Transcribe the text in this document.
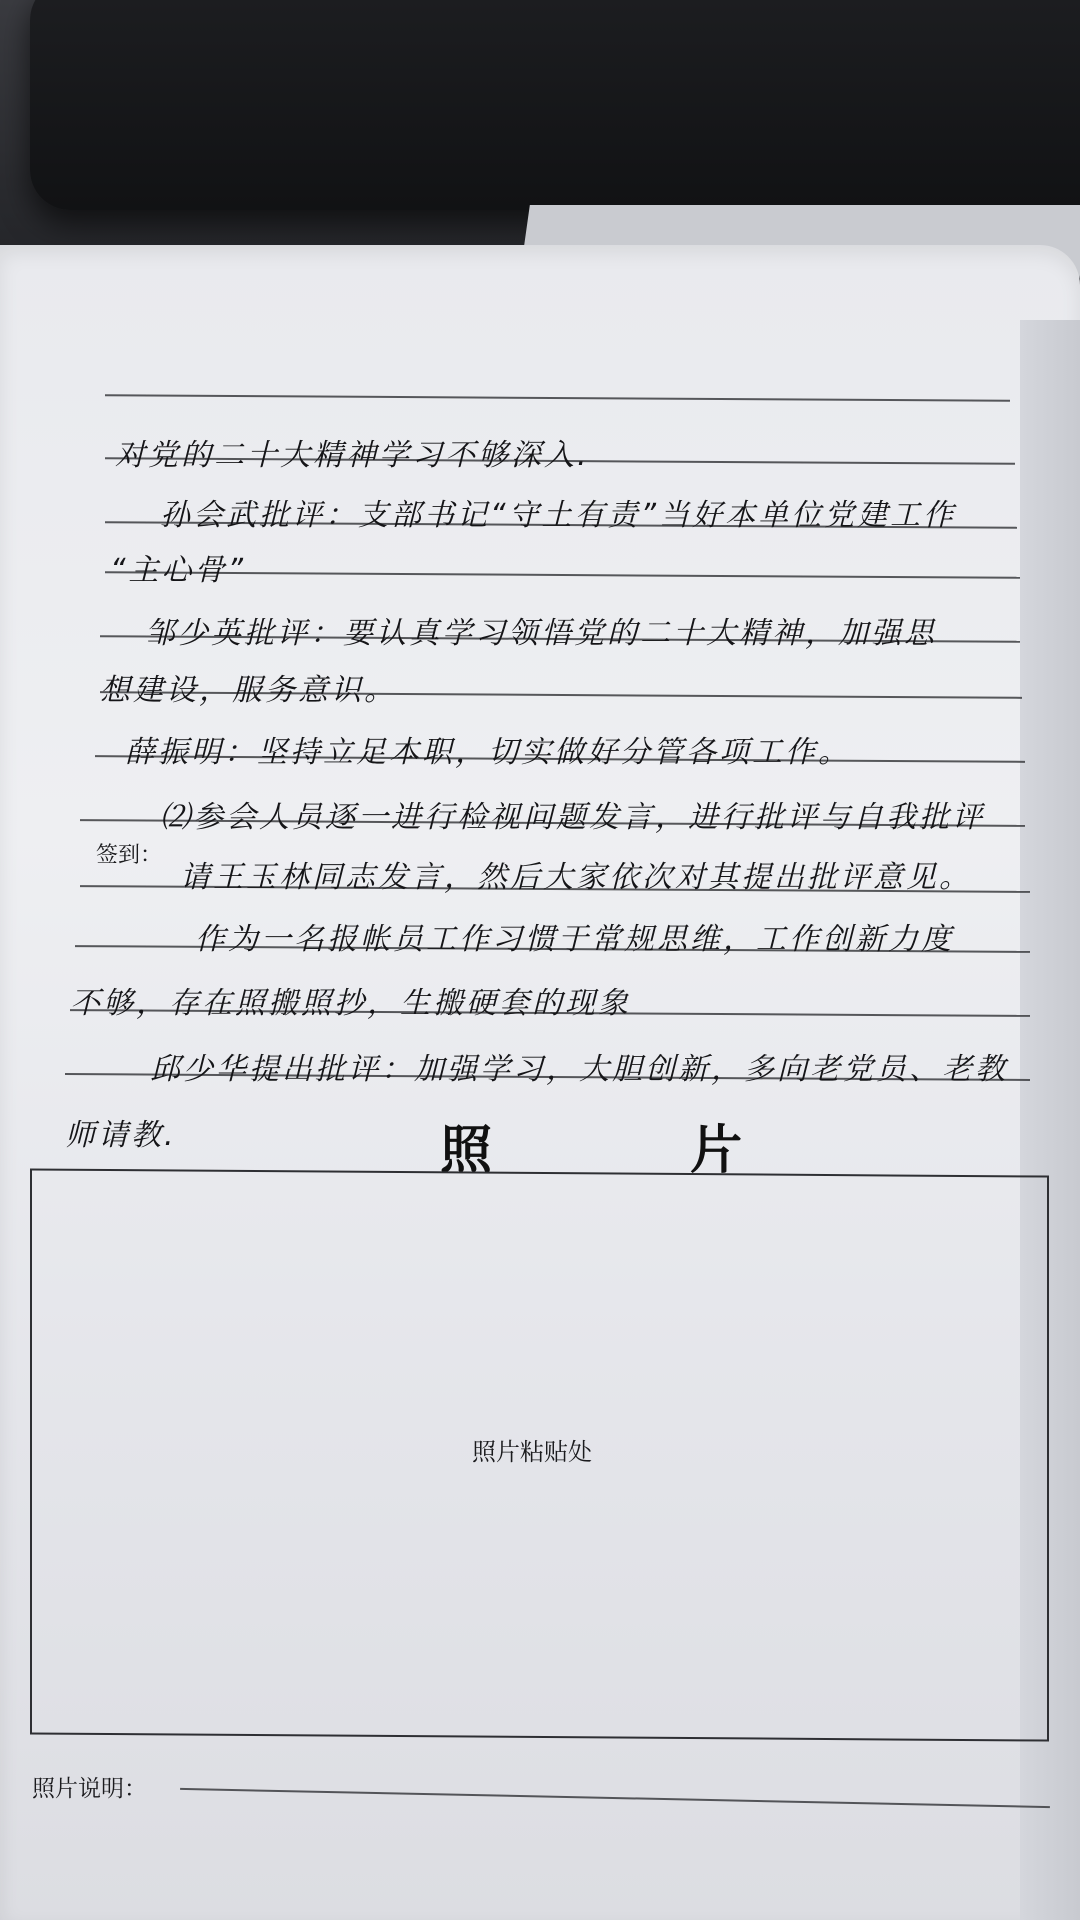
对党的二十大精神学习不够深入.
孙会武批评：支部书记“守土有责”当好本单位党建工作
“主心骨”
邹少英批评：要认真学习领悟党的二十大精神，加强思
想建设，服务意识。
薛振明：坚持立足本职，切实做好分管各项工作。
⑵参会人员逐一进行检视问题发言，进行批评与自我批评
签到：
请王玉林同志发言，然后大家依次对其提出批评意见。
作为一名报帐员工作习惯于常规思维，工作创新力度
不够，存在照搬照抄，生搬硬套的现象
邱少华提出批评：加强学习，大胆创新，多向老党员、老教
师请教.	照 片
照片粘贴处
照片说明：
